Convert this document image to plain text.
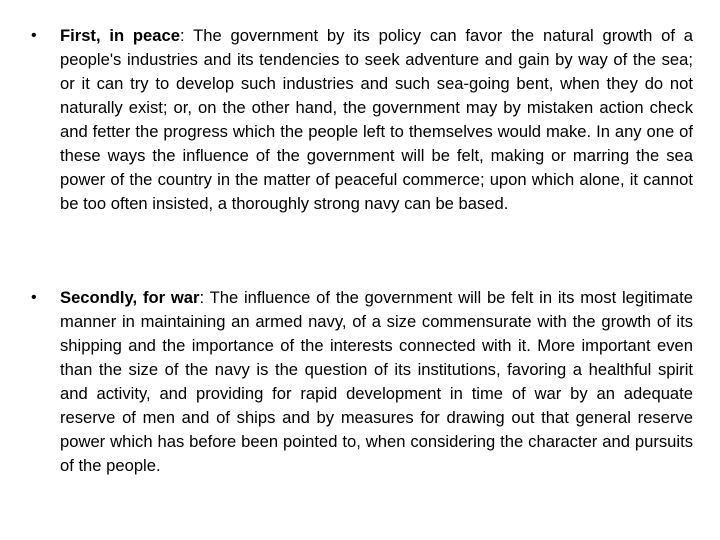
• First, in peace: The government by its policy can favor the natural growth of a people's industries and its tendencies to seek adventure and gain by way of the sea; or it can try to develop such industries and such sea-going bent, when they do not naturally exist; or, on the other hand, the government may by mistaken action check and fetter the progress which the people left to themselves would make. In any one of these ways the influence of the government will be felt, making or marring the sea power of the country in the matter of peaceful commerce; upon which alone, it cannot be too often insisted, a thoroughly strong navy can be based.

• Secondly, for war: The influence of the government will be felt in its most legitimate manner in maintaining an armed navy, of a size commensurate with the growth of its shipping and the importance of the interests connected with it. More important even than the size of the navy is the question of its institutions, favoring a healthful spirit and activity, and providing for rapid development in time of war by an adequate reserve of men and of ships and by measures for drawing out that general reserve power which has before been pointed to, when considering the character and pursuits of the people.
